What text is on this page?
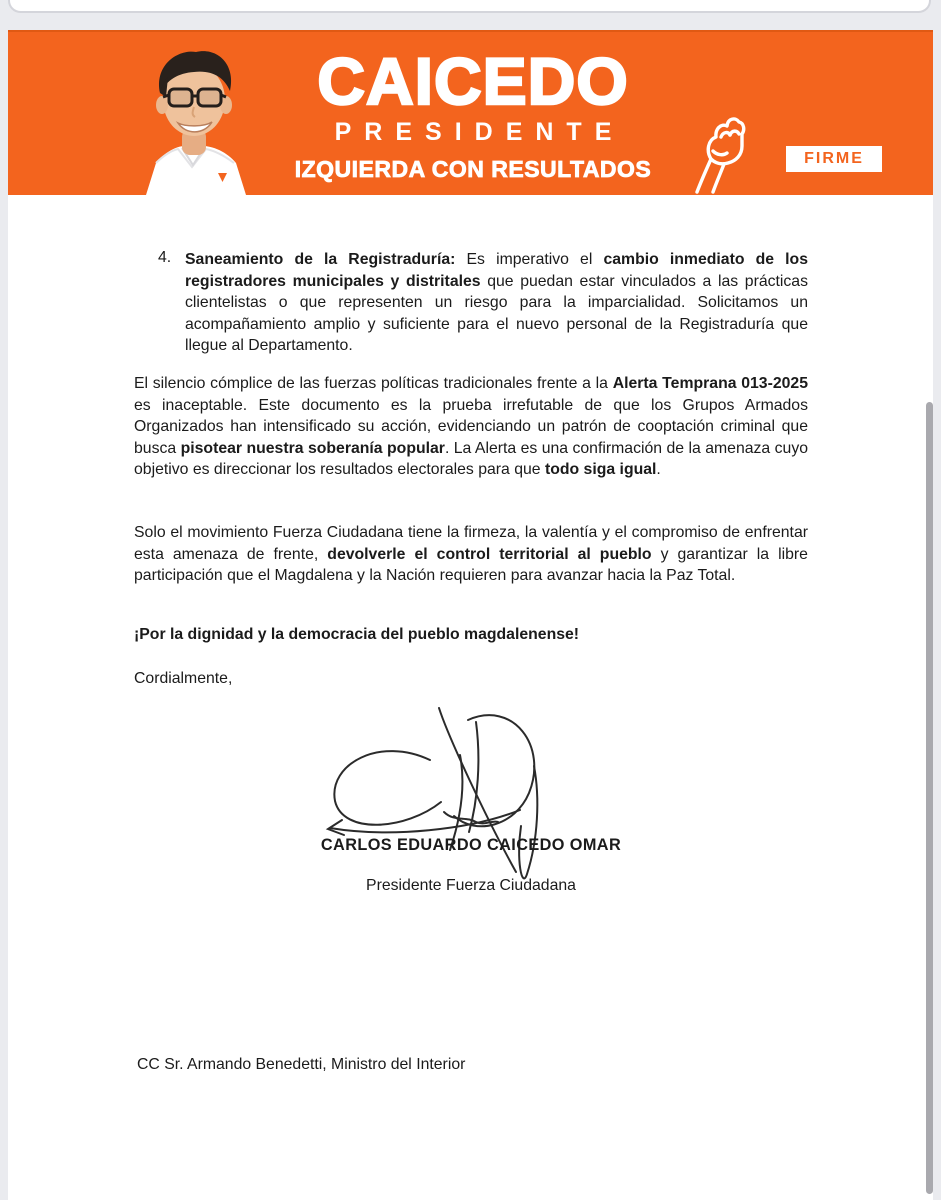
CAICEDO
PRESIDENTE
IZQUIERDA CON RESULTADOS	FIRME
4. Saneamiento de la Registraduría: Es imperativo el cambio inmediato de los registradores municipales y distritales que puedan estar vinculados a las prácticas clientelistas o que representen un riesgo para la imparcialidad. Solicitamos un acompañamiento amplio y suficiente para el nuevo personal de la Registraduría que llegue al Departamento.
El silencio cómplice de las fuerzas políticas tradicionales frente a la Alerta Temprana 013-2025 es inaceptable. Este documento es la prueba irrefutable de que los Grupos Armados Organizados han intensificado su acción, evidenciando un patrón de cooptación criminal que busca pisotear nuestra soberanía popular. La Alerta es una confirmación de la amenaza cuyo objetivo es direccionar los resultados electorales para que todo siga igual.
Solo el movimiento Fuerza Ciudadana tiene la firmeza, la valentía y el compromiso de enfrentar esta amenaza de frente, devolverle el control territorial al pueblo y garantizar la libre participación que el Magdalena y la Nación requieren para avanzar hacia la Paz Total.
¡Por la dignidad y la democracia del pueblo magdalenense!
Cordialmente,
CARLOS EDUARDO CAICEDO OMAR
Presidente Fuerza Ciudadana
CC Sr. Armando Benedetti, Ministro del Interior
